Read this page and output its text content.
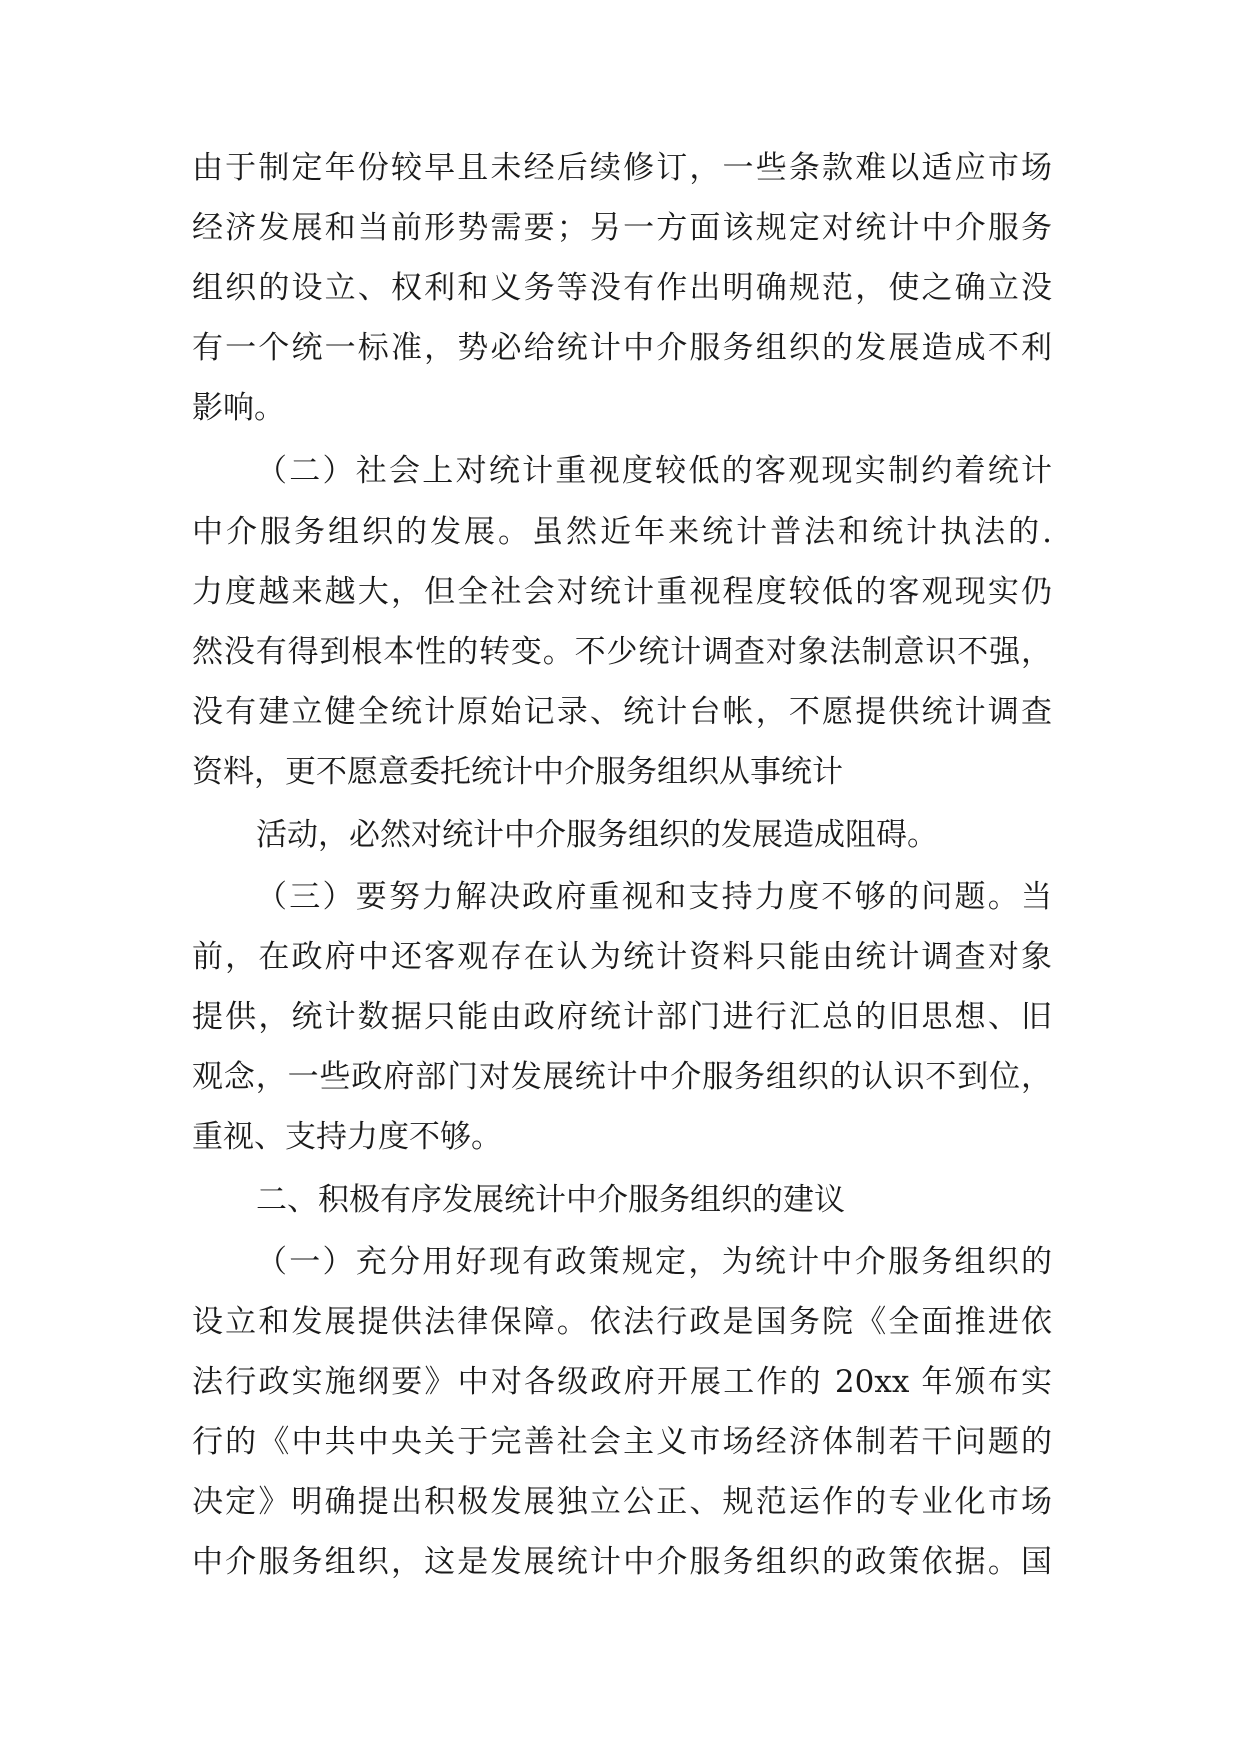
由于制定年份较早且未经后续修订，一些条款难以适应市场
经济发展和当前形势需要；另一方面该规定对统计中介服务
组织的设立、权利和义务等没有作出明确规范，使之确立没
有一个统一标准，势必给统计中介服务组织的发展造成不利
影响。
（二）社会上对统计重视度较低的客观现实制约着统计
中介服务组织的发展。虽然近年来统计普法和统计执法的.
力度越来越大，但全社会对统计重视程度较低的客观现实仍
然没有得到根本性的转变。不少统计调查对象法制意识不强，
没有建立健全统计原始记录、统计台帐，不愿提供统计调查
资料，更不愿意委托统计中介服务组织从事统计
活动，必然对统计中介服务组织的发展造成阻碍。
（三）要努力解决政府重视和支持力度不够的问题。当
前，在政府中还客观存在认为统计资料只能由统计调查对象
提供，统计数据只能由政府统计部门进行汇总的旧思想、旧
观念，一些政府部门对发展统计中介服务组织的认识不到位，
重视、支持力度不够。
二、积极有序发展统计中介服务组织的建议
（一）充分用好现有政策规定，为统计中介服务组织的
设立和发展提供法律保障。依法行政是国务院《全面推进依
法行政实施纲要》中对各级政府开展工作的 20xx 年颁布实
行的《中共中央关于完善社会主义市场经济体制若干问题的
决定》明确提出积极发展独立公正、规范运作的专业化市场
中介服务组织，这是发展统计中介服务组织的政策依据。国
